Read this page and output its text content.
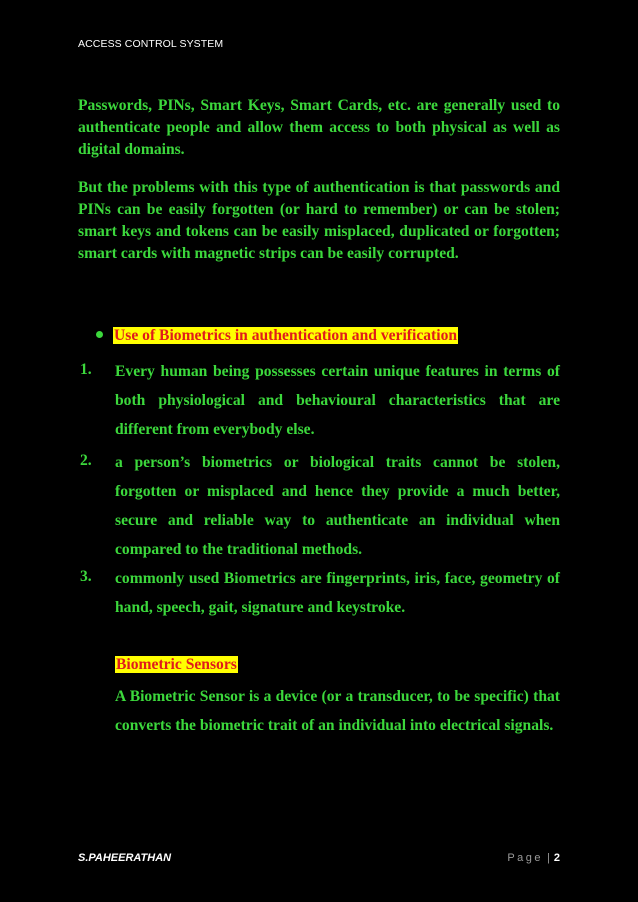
ACCESS CONTROL SYSTEM

Passwords, PINs, Smart Keys, Smart Cards, etc. are generally used to authenticate people and allow them access to both physical as well as digital domains.

But the problems with this type of authentication is that passwords and PINs can be easily forgotten (or hard to remember) or can be stolen; smart keys and tokens can be easily misplaced, duplicated or forgotten; smart cards with magnetic strips can be easily corrupted.

Use of Biometrics in authentication and verification
1. Every human being possesses certain unique features in terms of both physiological and behavioural characteristics that are different from everybody else.

2. a person’s biometrics or biological traits cannot be stolen, forgotten or misplaced and hence they provide a much better, secure and reliable way to authenticate an individual when compared to the traditional methods.

3. commonly used Biometrics are fingerprints, iris, face, geometry of hand, speech, gait, signature and keystroke.

Biometric Sensors

A Biometric Sensor is a device (or a transducer, to be specific) that converts the biometric trait of an individual into electrical signals.

S.PAHEERATHAN	Page | 2
